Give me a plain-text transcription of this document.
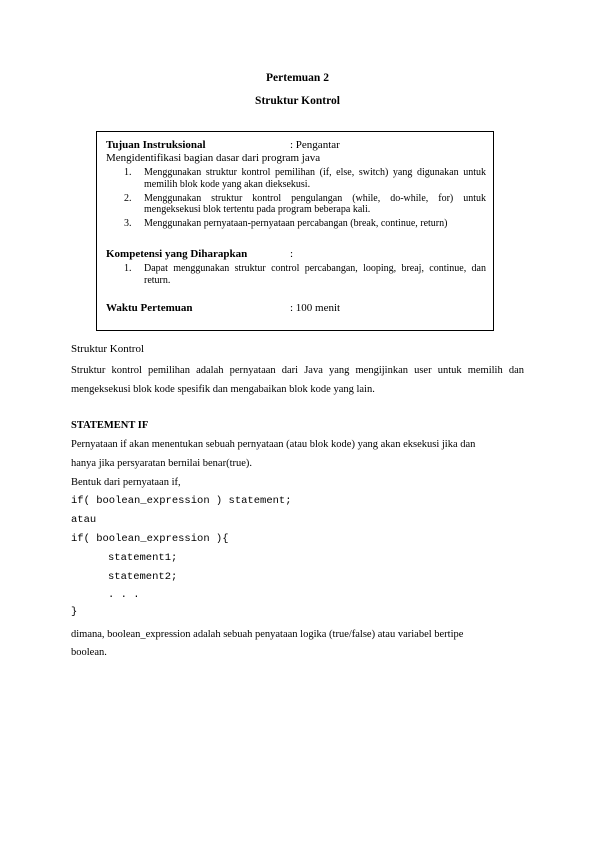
Pertemuan 2
Struktur Kontrol
Tujuan Instruksional	: Pengantar
Mengidentifikasi bagian dasar dari program java
1. Menggunakan struktur kontrol pemilihan (if, else, switch) yang digunakan untuk memilih blok kode yang akan dieksekusi.
2. Menggunakan struktur kontrol pengulangan (while, do-while, for) untuk mengeksekusi blok tertentu pada program beberapa kali.
3. Menggunakan pernyataan-pernyataan percabangan (break, continue, return)
Kompetensi yang Diharapkan	:
1. Dapat menggunakan struktur control percabangan, looping, breaj, continue, dan return.
Waktu Pertemuan	: 100 menit
Struktur Kontrol
Struktur kontrol pemilihan adalah pernyataan dari Java yang mengijinkan user untuk memilih dan
mengeksekusi blok kode spesifik dan mengabaikan blok kode yang lain.
STATEMENT IF
Pernyataan if akan menentukan sebuah pernyataan (atau blok kode) yang akan eksekusi jika dan
hanya jika persyaratan bernilai benar(true).
Bentuk dari pernyataan if,
if( boolean_expression ) statement;
atau
if( boolean_expression ){
statement1;
statement2;
. . .
}
dimana, boolean_expression adalah sebuah penyataan logika (true/false) atau variabel bertipe
boolean.
